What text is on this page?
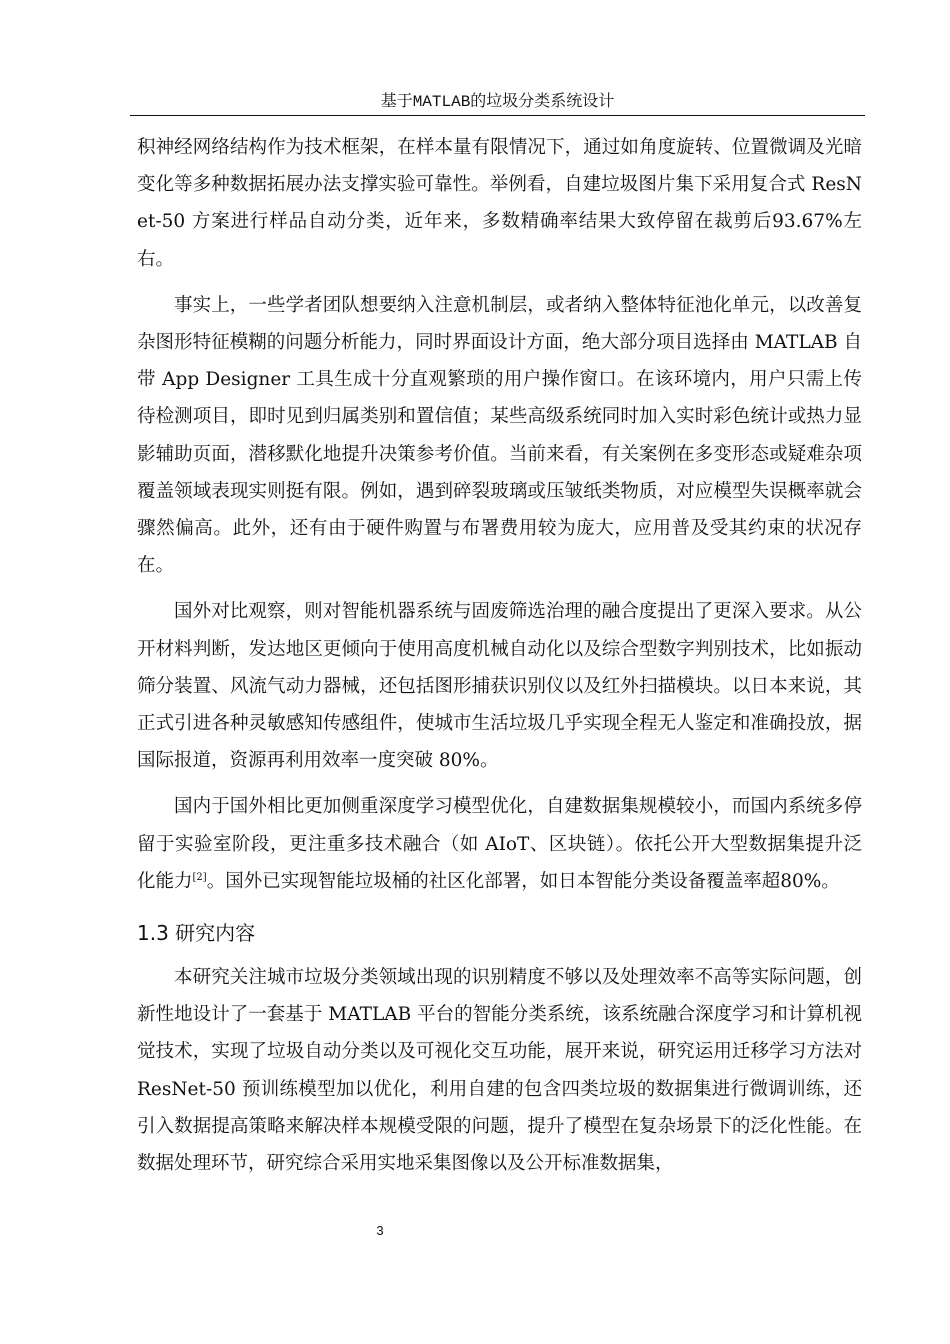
基于MATLAB的垃圾分类系统设计

积神经网络结构作为技术框架，在样本量有限情况下，通过如角度旋转、位置微调及光暗变化等多种数据拓展办法支撑实验可靠性。举例看，自建垃圾图片集下采用复合式 ResNet-50 方案进行样品自动分类，近年来，多数精确率结果大致停留在裁剪后93.67%左右。

事实上，一些学者团队想要纳入注意机制层，或者纳入整体特征池化单元，以改善复杂图形特征模糊的问题分析能力，同时界面设计方面，绝大部分项目选择由 MATLAB 自带 App Designer 工具生成十分直观繁琐的用户操作窗口。在该环境内，用户只需上传待检测项目，即时见到归属类别和置信值；某些高级系统同时加入实时彩色统计或热力显影辅助页面，潜移默化地提升决策参考价值。当前来看，有关案例在多变形态或疑难杂项覆盖领域表现实则挺有限。例如，遇到碎裂玻璃或压皱纸类物质，对应模型失误概率就会骤然偏高。此外，还有由于硬件购置与布署费用较为庞大，应用普及受其约束的状况存在。

国外对比观察，则对智能机器系统与固废筛选治理的融合度提出了更深入要求。从公开材料判断，发达地区更倾向于使用高度机械自动化以及综合型数字判别技术，比如振动筛分装置、风流气动力器械，还包括图形捕获识别仪以及红外扫描模块。以日本来说，其正式引进各种灵敏感知传感组件，使城市生活垃圾几乎实现全程无人鉴定和准确投放，据国际报道，资源再利用效率一度突破 80%。

国内于国外相比更加侧重深度学习模型优化，自建数据集规模较小，而国内系统多停留于实验室阶段，更注重多技术融合（如 AIoT、区块链）。依托公开大型数据集提升泛化能力[2]。国外已实现智能垃圾桶的社区化部署，如日本智能分类设备覆盖率超80%。

1.3 研究内容

本研究关注城市垃圾分类领域出现的识别精度不够以及处理效率不高等实际问题，创新性地设计了一套基于 MATLAB 平台的智能分类系统，该系统融合深度学习和计算机视觉技术，实现了垃圾自动分类以及可视化交互功能，展开来说，研究运用迁移学习方法对 ResNet-50 预训练模型加以优化，利用自建的包含四类垃圾的数据集进行微调训练，还引入数据提高策略来解决样本规模受限的问题，提升了模型在复杂场景下的泛化性能。在数据处理环节，研究综合采用实地采集图像以及公开标准数据集，

3
